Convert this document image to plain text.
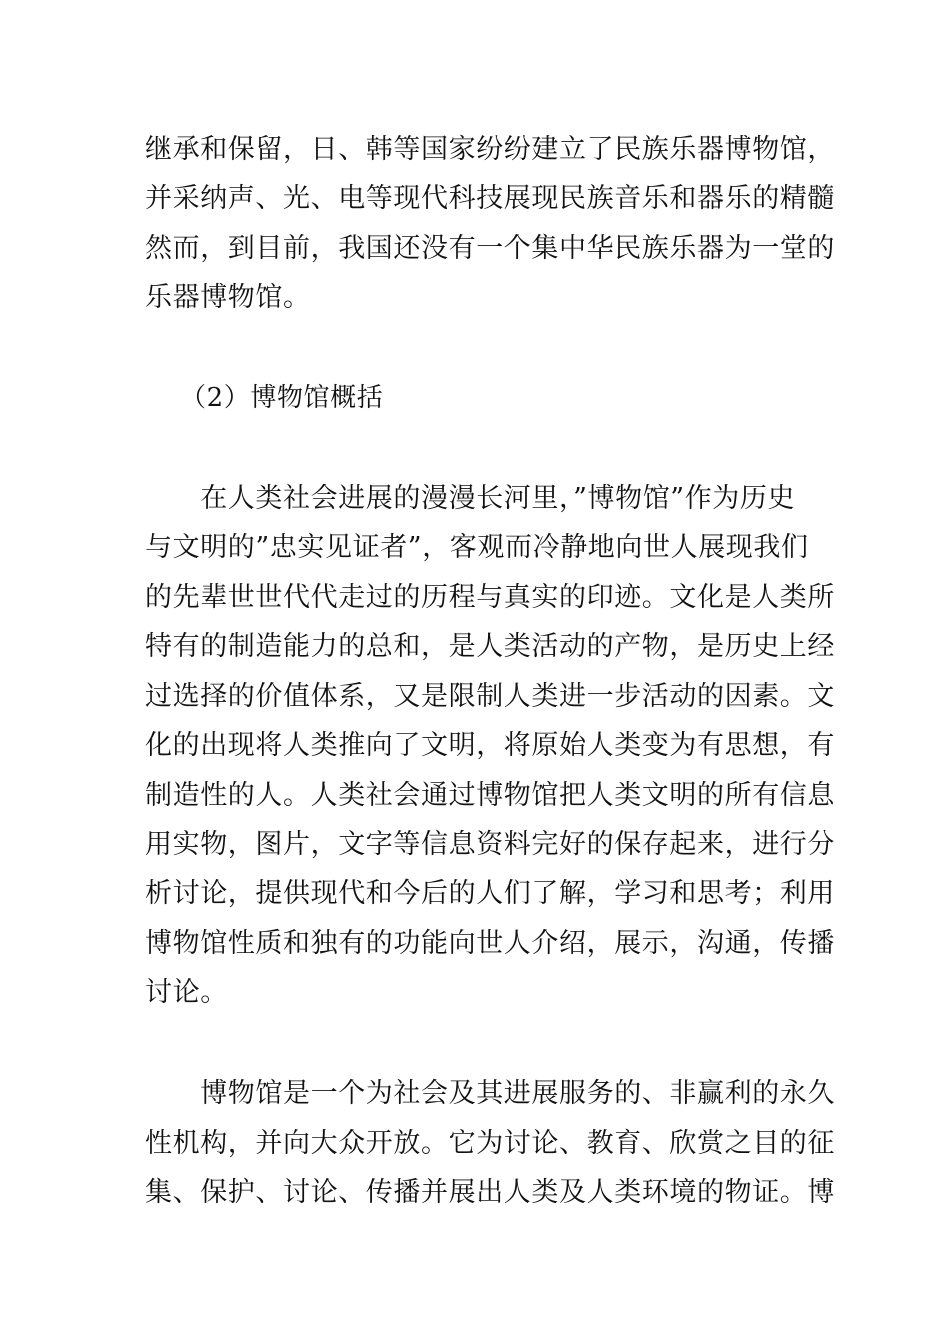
继承和保留，日、韩等国家纷纷建立了民族乐器博物馆，
并采纳声、光、电等现代科技展现民族音乐和器乐的精髓
然而，到目前，我国还没有一个集中华民族乐器为一堂的
乐器博物馆。
（2）博物馆概括
　　在人类社会进展的漫漫长河里，”博物馆”作为历史
与文明的”忠实见证者”，客观而冷静地向世人展现我们
的先辈世世代代走过的历程与真实的印迹。文化是人类所
特有的制造能力的总和，是人类活动的产物，是历史上经
过选择的价值体系，又是限制人类进一步活动的因素。文
化的出现将人类推向了文明，将原始人类变为有思想，有
制造性的人。人类社会通过博物馆把人类文明的所有信息
用实物，图片，文字等信息资料完好的保存起来，进行分
析讨论，提供现代和今后的人们了解，学习和思考；利用
博物馆性质和独有的功能向世人介绍，展示，沟通，传播
讨论。
　　博物馆是一个为社会及其进展服务的、非赢利的永久
性机构，并向大众开放。它为讨论、教育、欣赏之目的征
集、保护、讨论、传播并展出人类及人类环境的物证。博
